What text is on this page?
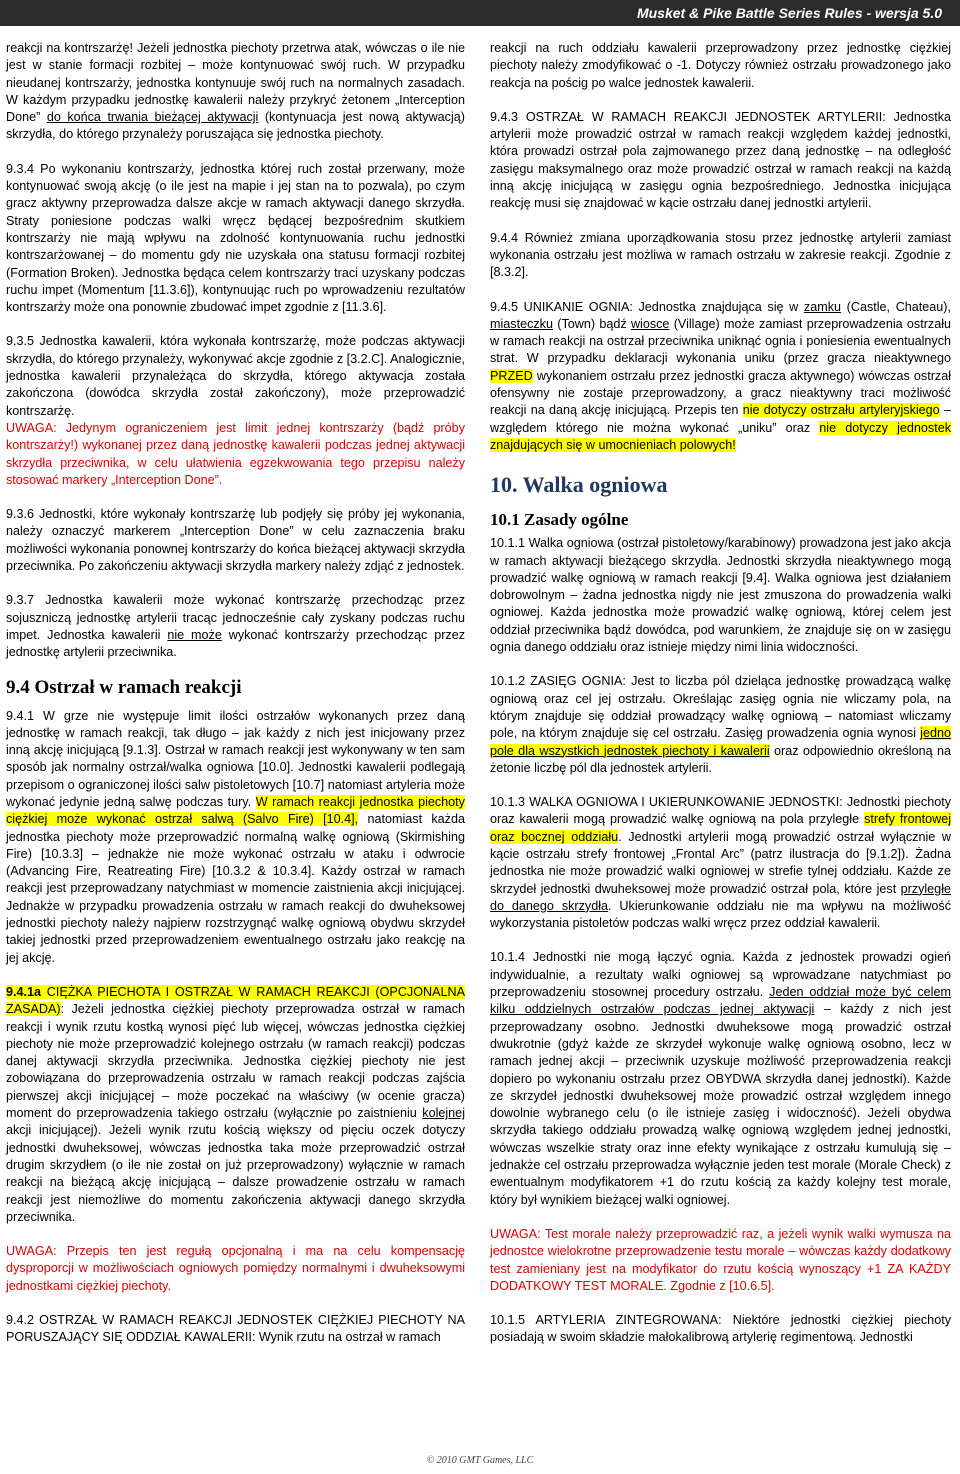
Musket & Pike Battle Series Rules - wersja 5.0

reakcji na kontrszarżę! Jeżeli jednostka piechoty przetrwa atak, wówczas o ile nie jest w stanie formacji rozbitej – może kontynuować swój ruch. W przypadku nieudanej kontrszarży, jednostka kontynuuje swój ruch na normalnych zasadach. W każdym przypadku jednostkę kawalerii należy przykryć żetonem „Interception Done” do końca trwania bieżącej aktywacji (kontynuacja jest nową aktywacją) skrzydła, do którego przynależy poruszająca się jednostka piechoty.

9.3.4 Po wykonaniu kontrszarży, jednostka której ruch został przerwany, może kontynuować swoją akcję (o ile jest na mapie i jej stan na to pozwala), po czym gracz aktywny przeprowadza dalsze akcje w ramach aktywacji danego skrzydła. Straty poniesione podczas walki wręcz będącej bezpośrednim skutkiem kontrszarży nie mają wpływu na zdolność kontynuowania ruchu jednostki kontrszarżowanej – do momentu gdy nie uzyskała ona statusu formacji rozbitej (Formation Broken). Jednostka będąca celem kontrszarży traci uzyskany podczas ruchu impet (Momentum [11.3.6]), kontynuując ruch po wprowadzeniu rezultatów kontrszarży może ona ponownie zbudować impet zgodnie z [11.3.6].

9.3.5 Jednostka kawalerii, która wykonała kontrszarżę, może podczas aktywacji skrzydła, do którego przynależy, wykonywać akcje zgodnie z [3.2.C]. Analogicznie, jednostka kawalerii przynależąca do skrzydła, którego aktywacja została zakończona (dowódca skrzydła został zakończony), może przeprowadzić kontrszarżę.

UWAGA: Jedynym ograniczeniem jest limit jednej kontrszarży (bądź próby kontrszarży!) wykonanej przez daną jednostkę kawalerii podczas jednej aktywacji skrzydła przeciwnika, w celu ułatwienia egzekwowania tego przepisu należy stosować markery „Interception Done”.

9.3.6 Jednostki, które wykonały kontrszarżę lub podjęły się próby jej wykonania, należy oznaczyć markerem „Interception Done” w celu zaznaczenia braku możliwości wykonania ponownej kontrszarży do końca bieżącej aktywacji skrzydła przeciwnika. Po zakończeniu aktywacji skrzydła markery należy zdjąć z jednostek.

9.3.7 Jednostka kawalerii może wykonać kontrszarżę przechodząc przez sojuszniczą jednostkę artylerii tracąc jednocześnie cały zyskany podczas ruchu impet. Jednostka kawalerii nie może wykonać kontrszarży przechodząc przez jednostkę artylerii przeciwnika.

9.4 Ostrzał w ramach reakcji

9.4.1 W grze nie występuje limit ilości ostrzałów wykonanych przez daną jednostkę w ramach reakcji, tak długo – jak każdy z nich jest inicjowany przez inną akcję inicjującą [9.1.3]. Ostrzał w ramach reakcji jest wykonywany w ten sam sposób jak normalny ostrzał/walka ogniowa [10.0]. Jednostki kawalerii podlegają przepisom o ograniczonej ilości salw pistoletowych [10.7] natomiast artyleria może wykonać jedynie jedną salwę podczas tury. W ramach reakcji jednostka piechoty ciężkiej może wykonać ostrzał salwą (Salvo Fire) [10.4], natomiast każda jednostka piechoty może przeprowadzić normalną walkę ogniową (Skirmishing Fire) [10.3.3] – jednakże nie może wykonać ostrzału w ataku i odwrocie (Advancing Fire, Reatreating Fire) [10.3.2 & 10.3.4]. Każdy ostrzał w ramach reakcji jest przeprowadzany natychmiast w momencie zaistnienia akcji inicjującej. Jednakże w przypadku prowadzenia ostrzału w ramach reakcji do dwuheksowej jednostki piechoty należy najpierw rozstrzygnąć walkę ogniową obydwu skrzydeł takiej jednostki przed przeprowadzeniem ewentualnego ostrzału jako reakcję na jej akcję.

9.4.1a CIĘŻKA PIECHOTA I OSTRZAŁ W RAMACH REAKCJI (OPCJONALNA ZASADA): Jeżeli jednostka ciężkiej piechoty przeprowadza ostrzał w ramach reakcji i wynik rzutu kostką wynosi pięć lub więcej, wówczas jednostka ciężkiej piechoty nie może przeprowadzić kolejnego ostrzału (w ramach reakcji) podczas danej aktywacji skrzydła przeciwnika. Jednostka ciężkiej piechoty nie jest zobowiązana do przeprowadzenia ostrzału w ramach reakcji podczas zajścia pierwszej akcji inicjującej – może poczekać na właściwy (w ocenie gracza) moment do przeprowadzenia takiego ostrzału (wyłącznie po zaistnieniu kolejnej akcji inicjującej). Jeżeli wynik rzutu kością większy od pięciu oczek dotyczy jednostki dwuheksowej, wówczas jednostka taka może przeprowadzić ostrzał drugim skrzydłem (o ile nie został on już przeprowadzony) wyłącznie w ramach reakcji na bieżącą akcję inicjującą – dalsze prowadzenie ostrzału w ramach reakcji jest niemożliwe do momentu zakończenia aktywacji danego skrzydła przeciwnika.

UWAGA: Przepis ten jest regułą opcjonalną i ma na celu kompensację dysproporcji w możliwościach ogniowych pomiędzy normalnymi i dwuheksowymi jednostkami ciężkiej piechoty.

9.4.2 OSTRZAŁ W RAMACH REAKCJI JEDNOSTEK CIĘŻKIEJ PIECHOTY NA PORUSZAJĄCY SIĘ ODDZIAŁ KAWALERII: Wynik rzutu na ostrzał w ramach

reakcji na ruch oddziału kawalerii przeprowadzony przez jednostkę ciężkiej piechoty należy zmodyfikować o -1. Dotyczy również ostrzału prowadzonego jako reakcja na pościg po walce jednostek kawalerii.

9.4.3 OSTRZAŁ W RAMACH REAKCJI JEDNOSTEK ARTYLERII: Jednostka artylerii może prowadzić ostrzał w ramach reakcji względem każdej jednostki, która prowadzi ostrzał pola zajmowanego przez daną jednostkę – na odległość zasięgu maksymalnego oraz może prowadzić ostrzał w ramach reakcji na każdą inną akcję inicjującą w zasięgu ognia bezpośredniego. Jednostka inicjująca reakcję musi się znajdować w kącie ostrzału danej jednostki artylerii.

9.4.4 Również zmiana uporządkowania stosu przez jednostkę artylerii zamiast wykonania ostrzału jest możliwa w ramach ostrzału w zakresie reakcji. Zgodnie z [8.3.2].

9.4.5 UNIKANIE OGNIA: Jednostka znajdująca się w zamku (Castle, Chateau), miasteczku (Town) bądź wiosce (Village) może zamiast przeprowadzenia ostrzału w ramach reakcji na ostrzał przeciwnika uniknąć ognia i poniesienia ewentualnych strat. W przypadku deklaracji wykonania uniku (przez gracza nieaktywnego PRZED wykonaniem ostrzału przez jednostki gracza aktywnego) wówczas ostrzał ofensywny nie zostaje przeprowadzony, a gracz nieaktywny traci możliwość reakcji na daną akcję inicjującą. Przepis ten nie dotyczy ostrzału artyleryjskiego – względem którego nie można wykonać „uniku” oraz nie dotyczy jednostek znajdujących się w umocnieniach polowych!

10. Walka ogniowa
10.1 Zasady ogólne

10.1.1 Walka ogniowa (ostrzał pistoletowy/karabinowy) prowadzona jest jako akcja w ramach aktywacji bieżącego skrzydła. Jednostki skrzydła nieaktywnego mogą prowadzić walkę ogniową w ramach reakcji [9.4]. Walka ogniowa jest działaniem dobrowolnym – żadna jednostka nigdy nie jest zmuszona do prowadzenia walki ogniowej. Każda jednostka może prowadzić walkę ogniową, której celem jest oddział przeciwnika bądź dowódca, pod warunkiem, że znajduje się on w zasięgu ognia danego oddziału oraz istnieje między nimi linia widoczności.

10.1.2 ZASIĘG OGNIA: Jest to liczba pól dzieląca jednostkę prowadzącą walkę ogniową oraz cel jej ostrzału. Określając zasięg ognia nie wliczamy pola, na którym znajduje się oddział prowadzący walkę ogniową – natomiast wliczamy pole, na którym znajduje się cel ostrzału. Zasięg prowadzenia ognia wynosi jedno pole dla wszystkich jednostek piechoty i kawalerii oraz odpowiednio określoną na żetonie liczbę pól dla jednostek artylerii.

10.1.3 WALKA OGNIOWA I UKIERUNKOWANIE JEDNOSTKI: Jednostki piechoty oraz kawalerii mogą prowadzić walkę ogniową na pola przyległe strefy frontowej oraz bocznej oddziału. Jednostki artylerii mogą prowadzić ostrzał wyłącznie w kącie ostrzału strefy frontowej „Frontal Arc” (patrz ilustracja do [9.1.2]). Żadna jednostka nie może prowadzić walki ogniowej w strefie tylnej oddziału. Każde ze skrzydeł jednostki dwuheksowej może prowadzić ostrzał pola, które jest przyległe do danego skrzydła. Ukierunkowanie oddziału nie ma wpływu na możliwość wykorzystania pistoletów podczas walki wręcz przez oddział kawalerii.

10.1.4 Jednostki nie mogą łączyć ognia. Każda z jednostek prowadzi ogień indywidualnie, a rezultaty walki ogniowej są wprowadzane natychmiast po przeprowadzeniu stosownej procedury ostrzału. Jeden oddział może być celem kilku oddzielnych ostrzałów podczas jednej aktywacji – każdy z nich jest przeprowadzany osobno. Jednostki dwuheksowe mogą prowadzić ostrzał dwukrotnie (gdyż każde ze skrzydeł wykonuje walkę ogniową osobno, lecz w ramach jednej akcji – przeciwnik uzyskuje możliwość przeprowadzenia reakcji dopiero po wykonaniu ostrzału przez OBYDWA skrzydła danej jednostki). Każde ze skrzydeł jednostki dwuheksowej może prowadzić ostrzał względem innego dowolnie wybranego celu (o ile istnieje zasięg i widoczność). Jeżeli obydwa skrzydła takiego oddziału prowadzą walkę ogniową względem jednej jednostki, wówczas wszelkie straty oraz inne efekty wynikające z ostrzału kumulują się – jednakże cel ostrzału przeprowadza wyłącznie jeden test morale (Morale Check) z ewentualnym modyfikatorem +1 do rzutu kością za każdy kolejny test morale, który był wynikiem bieżącej walki ogniowej.

UWAGA: Test morale należy przeprowadzić raz, a jeżeli wynik walki wymusza na jednostce wielokrotne przeprowadzenie testu morale – wówczas każdy dodatkowy test zamieniany jest na modyfikator do rzutu kością wynoszący +1 ZA KAŻDY DODATKOWY TEST MORALE. Zgodnie z [10.6.5].

10.1.5 ARTYLERIA ZINTEGROWANA: Niektóre jednostki ciężkiej piechoty posiadają w swoim składzie małokalibrową artylerię regimentową. Jednostki

© 2010 GMT Games, LLC
